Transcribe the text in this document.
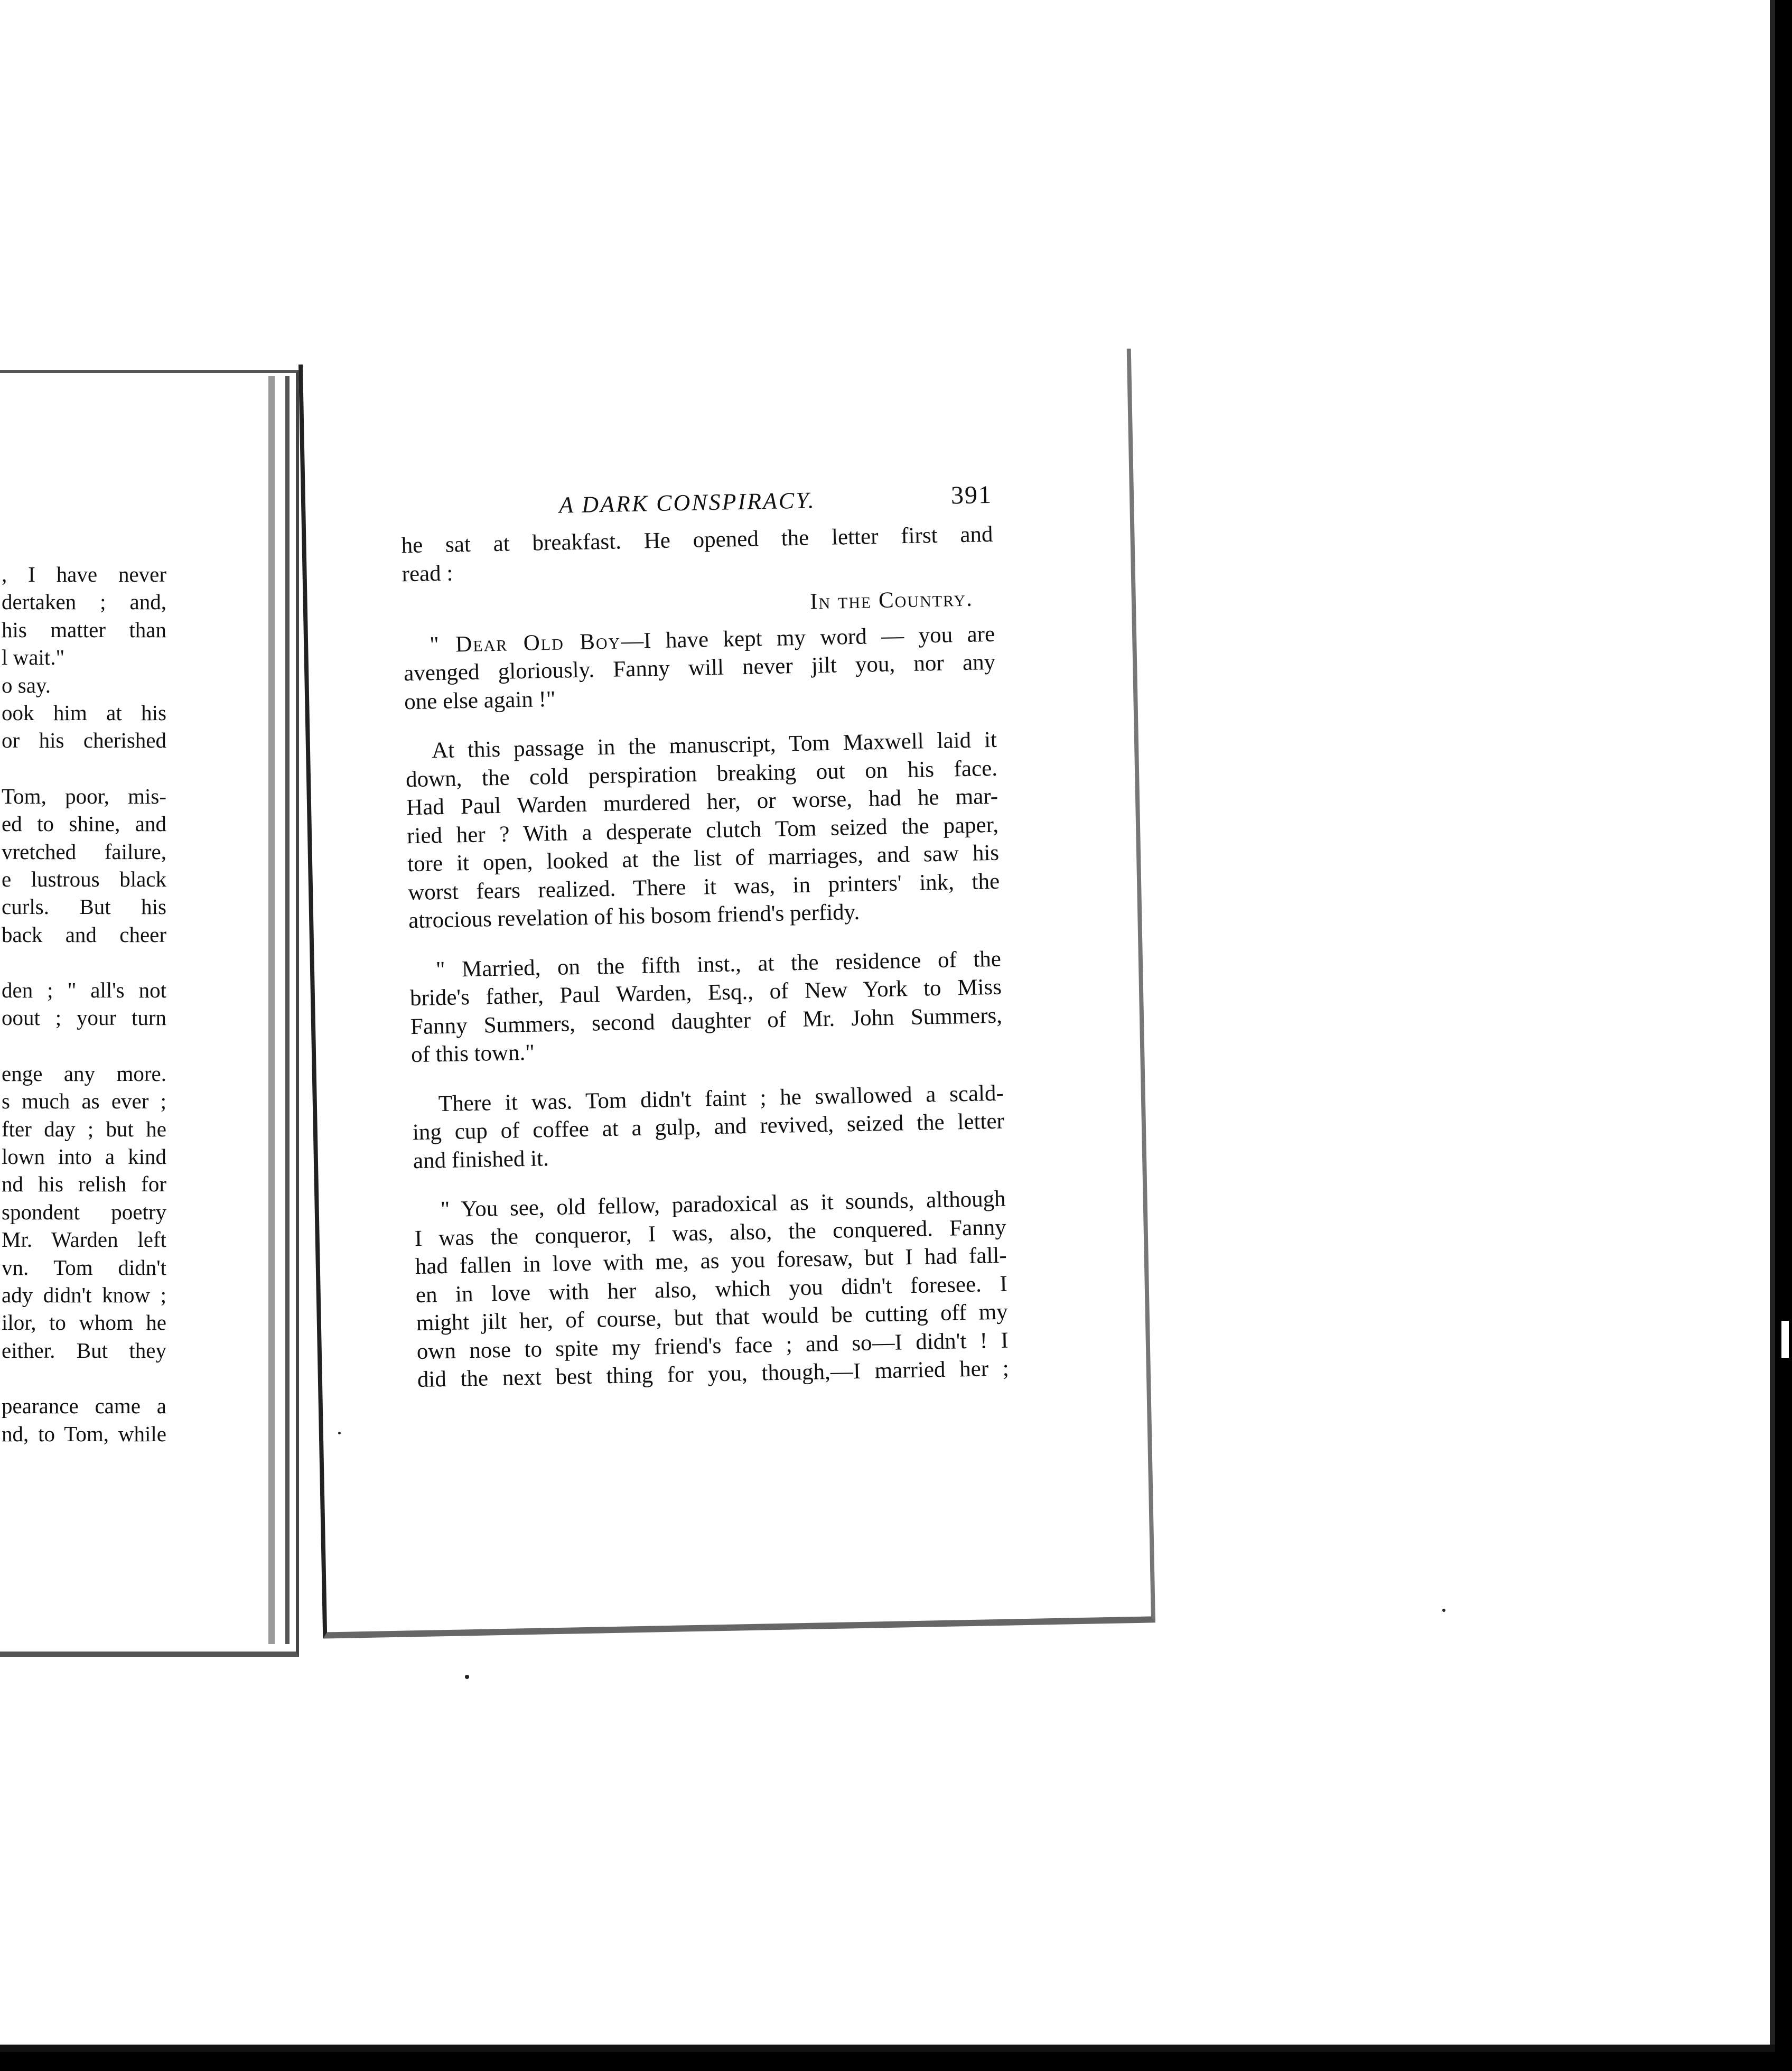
, I have never
dertaken ; and,
his matter than
l wait."
o say.
ook him at his
or his cherished
Tom, poor, mis-
ed to shine, and
vretched failure,
e lustrous black
curls. But his
back and cheer
den ; " all's not
oout ; your turn
enge any more.
s much as ever ;
fter day ; but he
lown into a kind
nd his relish for
spondent poetry
Mr. Warden left
vn. Tom didn't
ady didn't know ;
ilor, to whom he
either. But they
pearance came a
nd, to Tom, while
A DARK CONSPIRACY.	391
he sat at breakfast. He opened the letter first and
read :
In the Country.
" Dear Old Boy—I have kept my word — you are
avenged gloriously. Fanny will never jilt you, nor any
one else again !"
At this passage in the manuscript, Tom Maxwell laid it
down, the cold perspiration breaking out on his face.
Had Paul Warden murdered her, or worse, had he mar-
ried her ? With a desperate clutch Tom seized the paper,
tore it open, looked at the list of marriages, and saw his
worst fears realized. There it was, in printers' ink, the
atrocious revelation of his bosom friend's perfidy.
" Married, on the fifth inst., at the residence of the
bride's father, Paul Warden, Esq., of New York to Miss
Fanny Summers, second daughter of Mr. John Summers,
of this town."
There it was. Tom didn't faint ; he swallowed a scald-
ing cup of coffee at a gulp, and revived, seized the letter
and finished it.
" You see, old fellow, paradoxical as it sounds, although
I was the conqueror, I was, also, the conquered. Fanny
had fallen in love with me, as you foresaw, but I had fall-
en in love with her also, which you didn't foresee. I
might jilt her, of course, but that would be cutting off my
own nose to spite my friend's face ; and so—I didn't ! I
did the next best thing for you, though,—I married her ;
